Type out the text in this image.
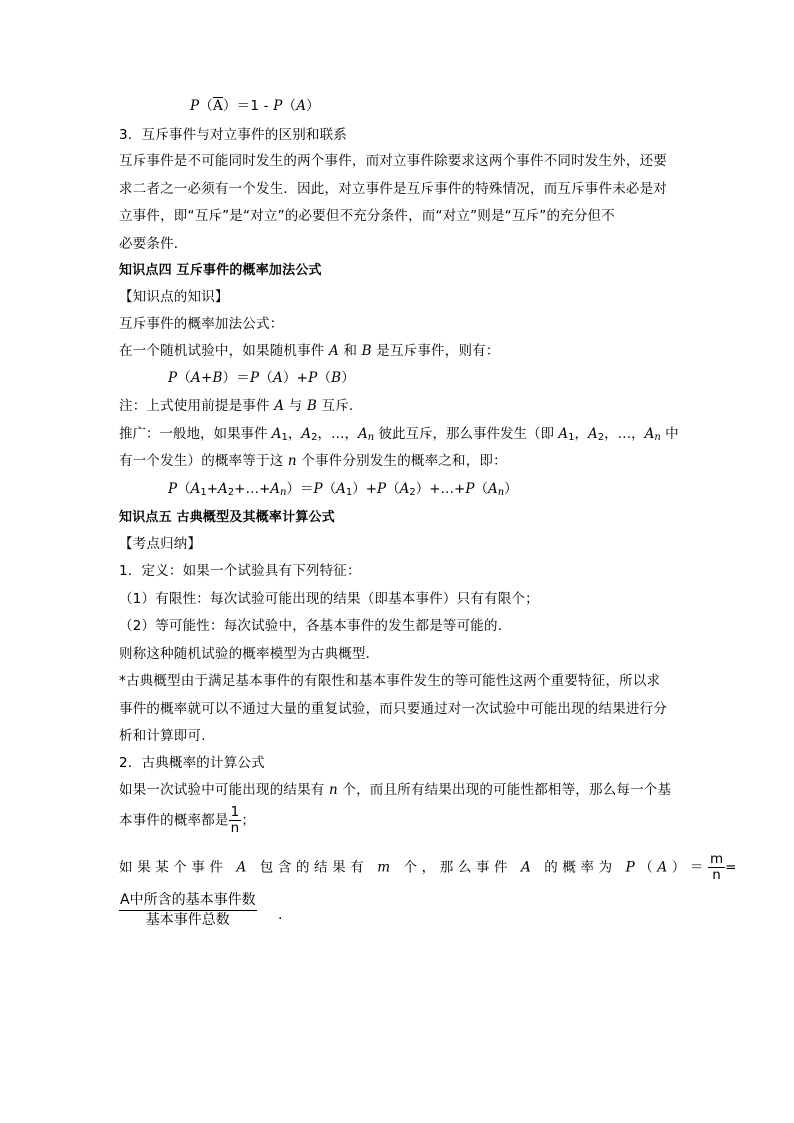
$P(\overline{A})=1 - P(A)$
3．互斥事件与对立事件的区别和联系
互斥事件是不可能同时发生的两个事件，而对立事件除要求这两个事件不同时发生外，还要
求二者之一必须有一个发生．因此，对立事件是互斥事件的特殊情况，而互斥事件未必是对
立事件，即“互斥”是“对立”的必要但不充分条件，而“对立”则是“互斥”的充分但不
必要条件．
知识点四 互斥事件的概率加法公式
【知识点的知识】
互斥事件的概率加法公式：
在一个随机试验中，如果随机事件 A 和 B 是互斥事件，则有：
P（A+B）＝P（A）+P（B）
注：上式使用前提是事件 A 与 B 互斥．
推广：一般地，如果事件 $A_1$，$A_2$，…，$A_n$ 彼此互斥，那么事件发生（即 $A_1$，$A_2$，…，$A_n$ 中
有一个发生）的概率等于这 n 个事件分别发生的概率之和，即：
$P(A_1+A_2+\dots+A_n)=P(A_1)+P(A_2)+\dots+P(A_n)$
知识点五 古典概型及其概率计算公式
【考点归纳】
1．定义：如果一个试验具有下列特征：
（1）有限性：每次试验可能出现的结果（即基本事件）只有有限个；
（2）等可能性：每次试验中，各基本事件的发生都是等可能的．
则称这种随机试验的概率模型为古典概型．
*古典概型由于满足基本事件的有限性和基本事件发生的等可能性这两个重要特征，所以求
事件的概率就可以不通过大量的重复试验，而只要通过对一次试验中可能出现的结果进行分
析和计算即可．
2．古典概率的计算公式
如果一次试验中可能出现的结果有 n 个，而且所有结果出现的可能性都相等，那么每一个基
本事件的概率都是 $\frac{1}{n}$ ；
如果某个事件 A 包含的结果有 m 个，那么事件 A 的概率为 $P(A)= \frac{m}{n}$ =
A中所含的基本事件数
基本事件总数	.
